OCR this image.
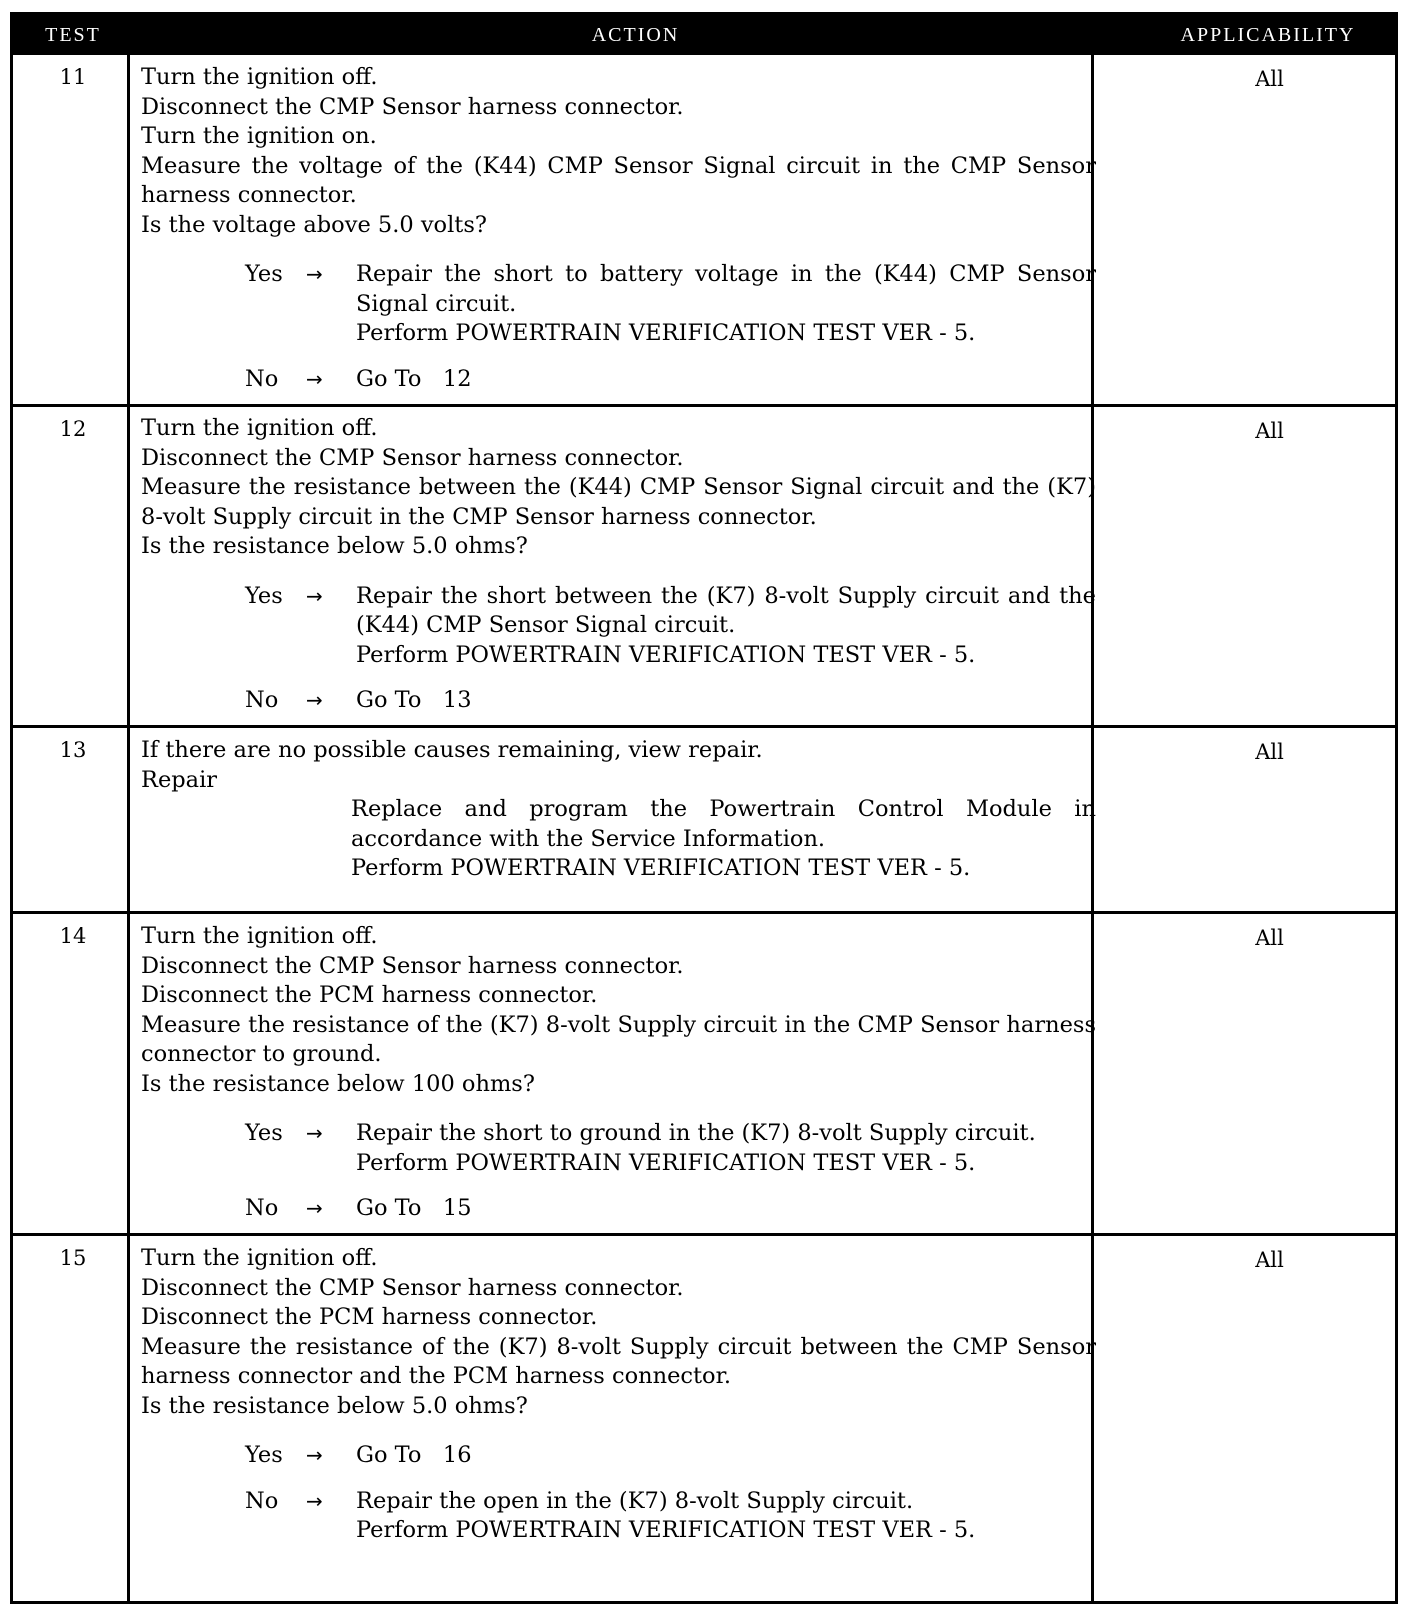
TEST	ACTION	APPLICABILITY
11	Turn the ignition off.

Disconnect the CMP Sensor harness connector.

Turn the ignition on.

Measure the voltage of the (K44) CMP Sensor Signal circuit in the CMP Sensor harness connector.

Is the voltage above 5.0 volts?

Yes → Repair the short to battery voltage in the (K44) CMP Sensor Signal circuit.

Perform POWERTRAIN VERIFICATION TEST VER - 5.

No → Go To   12

All
12	Turn the ignition off.

Disconnect the CMP Sensor harness connector.

Measure the resistance between the (K44) CMP Sensor Signal circuit and the (K7) 8-volt Supply circuit in the CMP Sensor harness connector.

Is the resistance below 5.0 ohms?

Yes → Repair the short between the (K7) 8-volt Supply circuit and the (K44) CMP Sensor Signal circuit.

Perform POWERTRAIN VERIFICATION TEST VER - 5.

No → Go To   13

All
13	If there are no possible causes remaining, view repair.

Repair

Replace and program the Powertrain Control Module in accordance with the Service Information.

Perform POWERTRAIN VERIFICATION TEST VER - 5.

All
14	Turn the ignition off.

Disconnect the CMP Sensor harness connector.

Disconnect the PCM harness connector.

Measure the resistance of the (K7) 8-volt Supply circuit in the CMP Sensor harness connector to ground.

Is the resistance below 100 ohms?

Yes → Repair the short to ground in the (K7) 8-volt Supply circuit.

Perform POWERTRAIN VERIFICATION TEST VER - 5.

No → Go To   15

All
15	Turn the ignition off.

Disconnect the CMP Sensor harness connector.

Disconnect the PCM harness connector.

Measure the resistance of the (K7) 8-volt Supply circuit between the CMP Sensor harness connector and the PCM harness connector.

Is the resistance below 5.0 ohms?

Yes → Go To   16

No → Repair the open in the (K7) 8-volt Supply circuit.

Perform POWERTRAIN VERIFICATION TEST VER - 5.

All
